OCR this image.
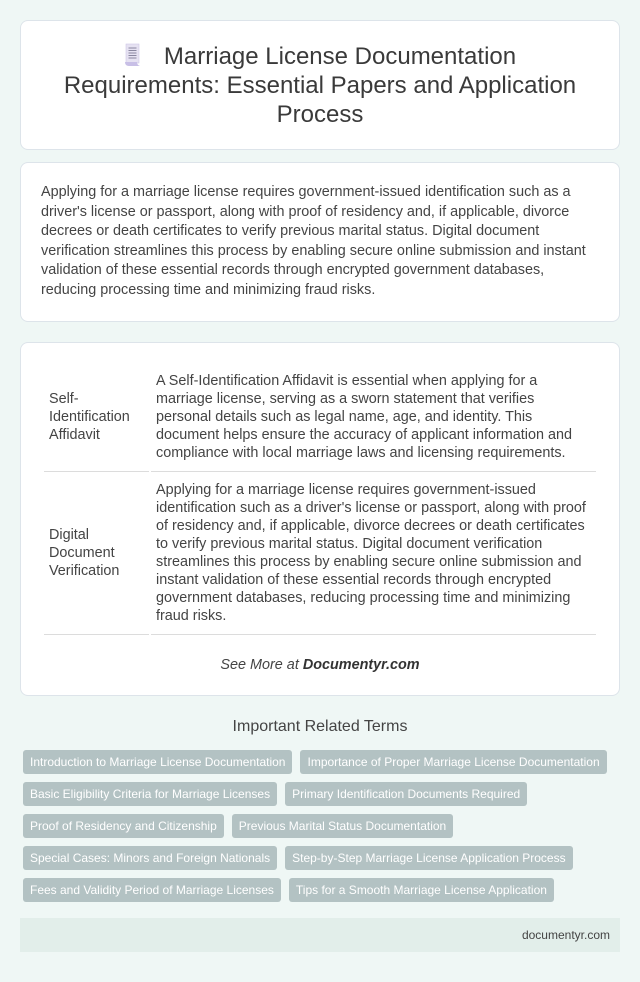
Marriage License Documentation Requirements: Essential Papers and Application Process

Applying for a marriage license requires government-issued identification such as a driver's license or passport, along with proof of residency and, if applicable, divorce decrees or death certificates to verify previous marital status. Digital document verification streamlines this process by enabling secure online submission and instant validation of these essential records through encrypted government databases, reducing processing time and minimizing fraud risks.

Self-Identification Affidavit	A Self-Identification Affidavit is essential when applying for a marriage license, serving as a sworn statement that verifies personal details such as legal name, age, and identity. This document helps ensure the accuracy of applicant information and compliance with local marriage laws and licensing requirements.
Digital Document Verification	Applying for a marriage license requires government-issued identification such as a driver's license or passport, along with proof of residency and, if applicable, divorce decrees or death certificates to verify previous marital status. Digital document verification streamlines this process by enabling secure online submission and instant validation of these essential records through encrypted government databases, reducing processing time and minimizing fraud risks.
See More at Documentyr.com
Important Related Terms
Introduction to Marriage License Documentation	Importance of Proper Marriage License Documentation
Basic Eligibility Criteria for Marriage Licenses	Primary Identification Documents Required
Proof of Residency and Citizenship	Previous Marital Status Documentation
Special Cases: Minors and Foreign Nationals	Step-by-Step Marriage License Application Process
Fees and Validity Period of Marriage Licenses	Tips for a Smooth Marriage License Application
documentyr.com
